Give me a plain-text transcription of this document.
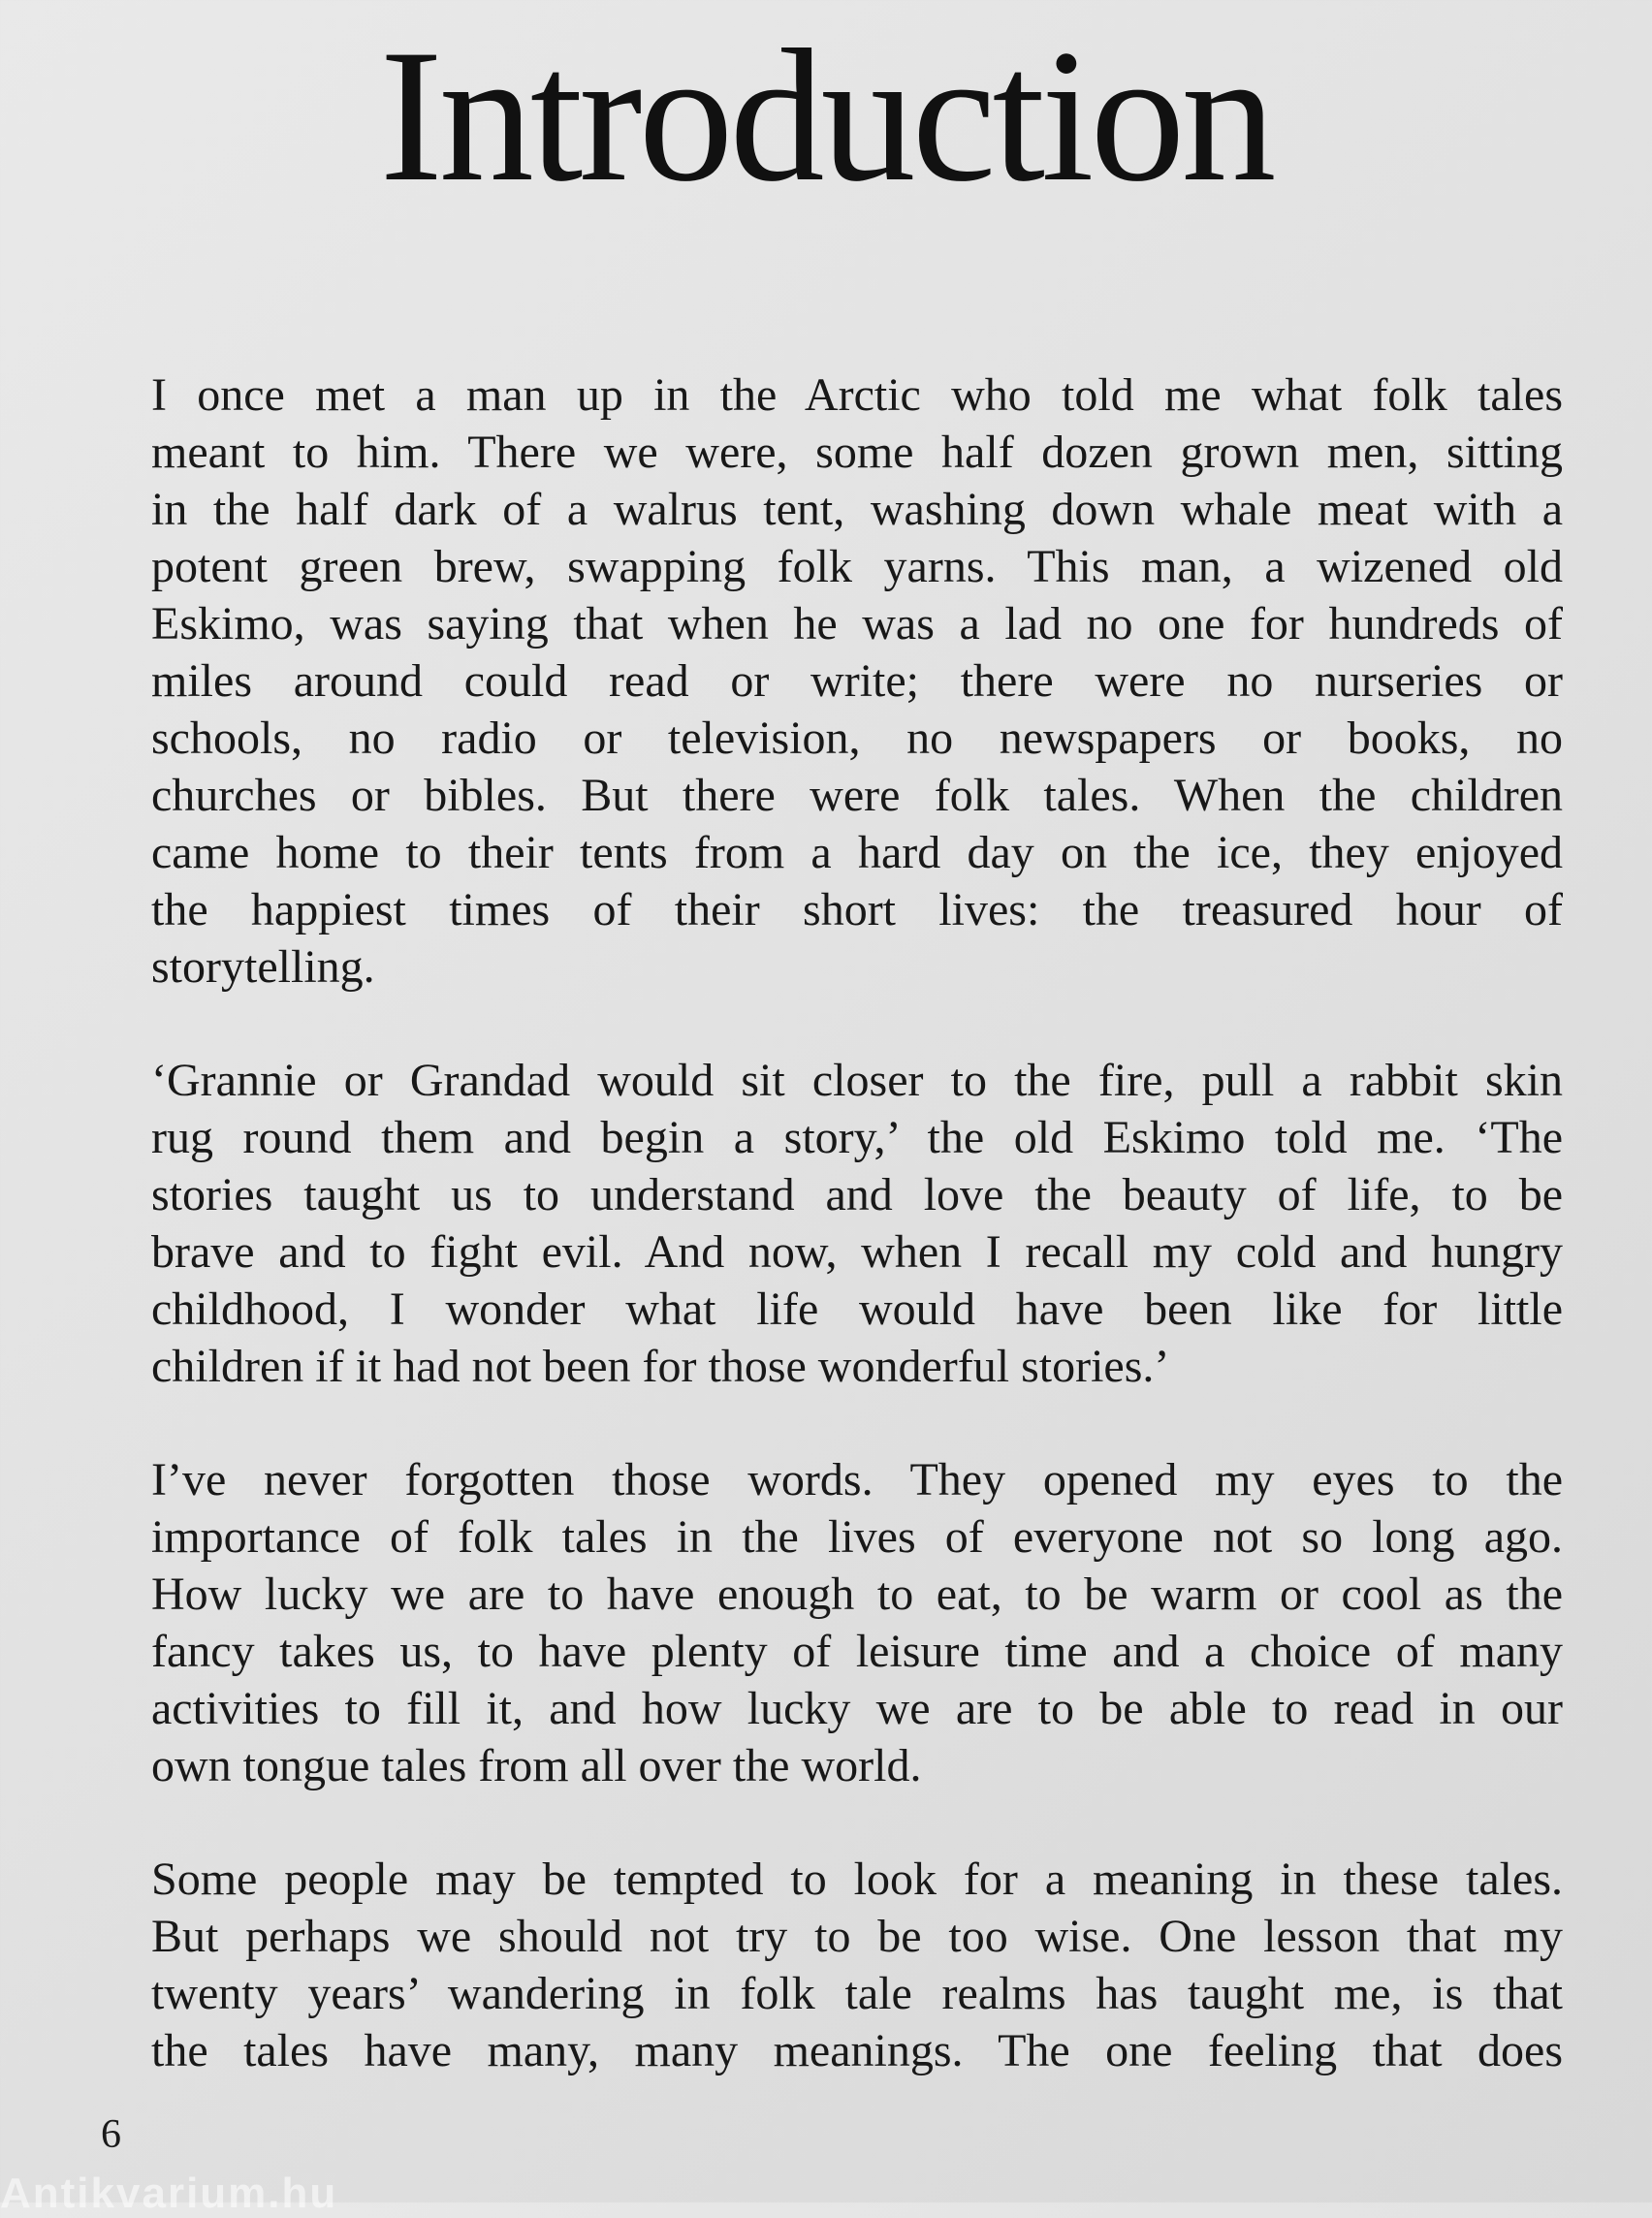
Introduction

I once met a man up in the Arctic who told me what folk tales
meant to him. There we were, some half dozen grown men, sitting
in the half dark of a walrus tent, washing down whale meat with a
potent green brew, swapping folk yarns. This man, a wizened old
Eskimo, was saying that when he was a lad no one for hundreds of
miles around could read or write; there were no nurseries or
schools, no radio or television, no newspapers or books, no
churches or bibles. But there were folk tales. When the children
came home to their tents from a hard day on the ice, they enjoyed
the happiest times of their short lives: the treasured hour of
storytelling.

‘Grannie or Grandad would sit closer to the fire, pull a rabbit skin
rug round them and begin a story,’ the old Eskimo told me. ‘The
stories taught us to understand and love the beauty of life, to be
brave and to fight evil. And now, when I recall my cold and hungry
childhood, I wonder what life would have been like for little
children if it had not been for those wonderful stories.’

I’ve never forgotten those words. They opened my eyes to the
importance of folk tales in the lives of everyone not so long ago.
How lucky we are to have enough to eat, to be warm or cool as the
fancy takes us, to have plenty of leisure time and a choice of many
activities to fill it, and how lucky we are to be able to read in our
own tongue tales from all over the world.

Some people may be tempted to look for a meaning in these tales.
But perhaps we should not try to be too wise. One lesson that my
twenty years’ wandering in folk tale realms has taught me, is that
the tales have many, many meanings. The one feeling that does

6
Antikvarium.hu
